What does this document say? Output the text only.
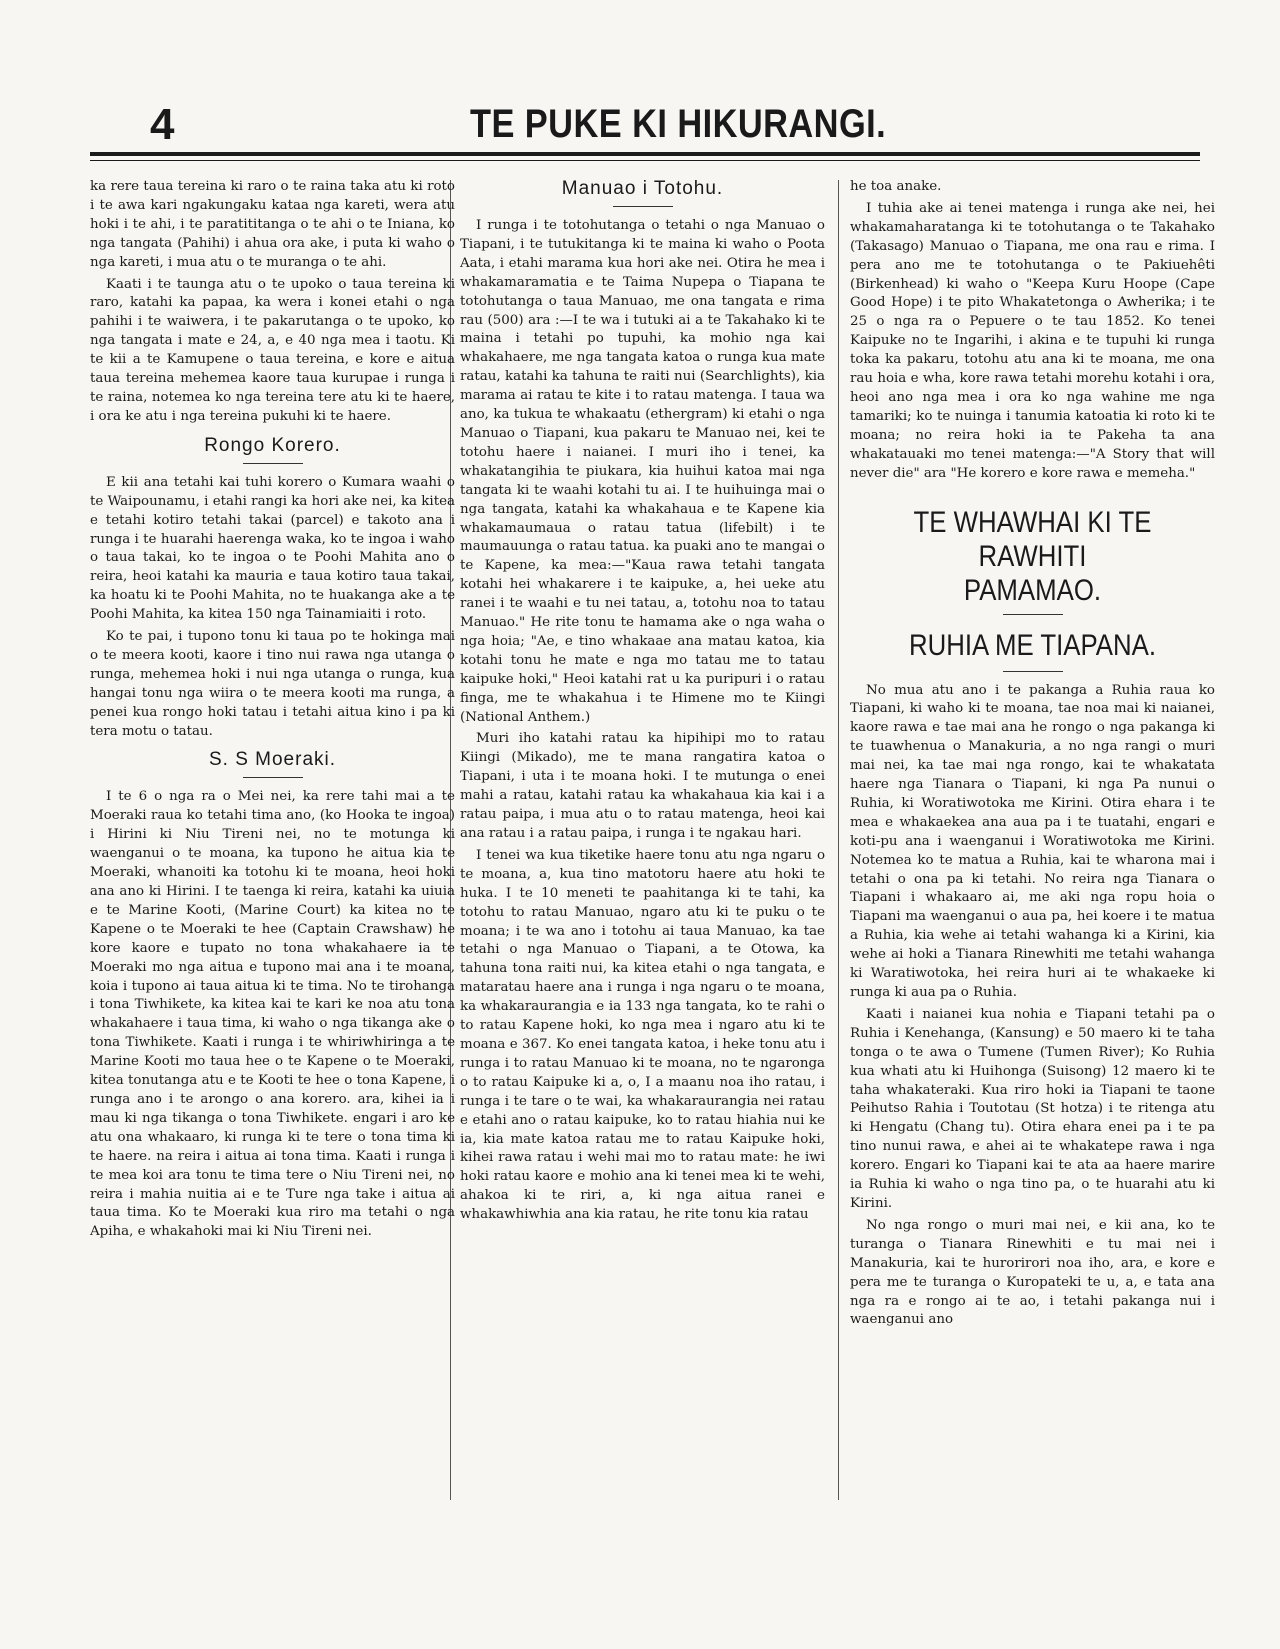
4	TE PUKE KI HIKURANGI.

ka rere taua tereina ki raro o te raina taka atu ki roto i te awa kari ngakungaku kataa nga kareti, wera atu hoki i te ahi, i te paratititanga o te ahi o te Iniana, ko nga tangata (Pahihi) i ahua ora ake, i puta ki waho o nga kareti, i mua atu o te muranga o te ahi.

Kaati i te taunga atu o te upoko o taua tereina ki raro, katahi ka papaa, ka wera i konei etahi o nga pahihi i te waiwera, i te pakarutanga o te upoko, ko nga tangata i mate e 24, a, e 40 nga mea i taotu. Ki te kii a te Kamupene o taua tereina, e kore e aitua taua tereina mehemea kaore taua kurupae i runga i te raina, notemea ko nga tereina tere atu ki te haere, i ora ke atu i nga tereina pukuhi ki te haere.

Rongo Korero.

E kii ana tetahi kai tuhi korero o Kumara waahi o te Waipounamu, i etahi rangi ka hori ake nei, ka kitea e tetahi kotiro tetahi takai (parcel) e takoto ana i runga i te huarahi haerenga waka, ko te ingoa i waho o taua takai, ko te ingoa o te Poohi Mahita ano o reira, heoi katahi ka mauria e taua kotiro taua takai, ka hoatu ki te Poohi Mahita, no te huakanga ake a te Poohi Mahita, ka kitea 150 nga Tainamiaiti i roto.

Ko te pai, i tupono tonu ki taua po te hokinga mai o te meera kooti, kaore i tino nui rawa nga utanga o runga, mehemea hoki i nui nga utanga o runga, kua hangai tonu nga wiira o te meera kooti ma runga, a penei kua rongo hoki tatau i tetahi aitua kino i pa ki tera motu o tatau.

S. S Moeraki.

I te 6 o nga ra o Mei nei, ka rere tahi mai a te Moeraki raua ko tetahi tima ano, (ko Hooka te ingoa) i Hirini ki Niu Tireni nei, no te motunga ki waenganui o te moana, ka tupono he aitua kia te Moeraki, whanoiti ka totohu ki te moana, heoi hoki ana ano ki Hirini. I te taenga ki reira, katahi ka uiuia e te Marine Kooti, (Marine Court) ka kitea no te Kapene o te Moeraki te hee (Captain Crawshaw) he kore kaore e tupato no tona whakahaere ia te Moeraki mo nga aitua e tupono mai ana i te moana, koia i tupono ai taua aitua ki te tima. No te tirohanga i tona Tiwhikete, ka kitea kai te kari ke noa atu tona whakahaere i taua tima, ki waho o nga tikanga ake o tona Tiwhikete. Kaati i runga i te whiriwhiringa a te Marine Kooti mo taua hee o te Kapene o te Moeraki, kitea tonutanga atu e te Kooti te hee o tona Kapene, i runga ano i te arongo o ana korero. ara, kihei ia i mau ki nga tikanga o tona Tiwhikete. engari i aro ke atu ona whakaaro, ki runga ki te tere o tona tima ki te haere. na reira i aitua ai tona tima. Kaati i runga i te mea koi ara tonu te tima tere o Niu Tireni nei, no reira i mahia nuitia ai e te Ture nga take i aitua ai taua tima. Ko te Moeraki kua riro ma tetahi o nga Apiha, e whakahoki mai ki Niu Tireni nei.

Manuao i Totohu.

I runga i te totohutanga o tetahi o nga Manuao o Tiapani, i te tutukitanga ki te maina ki waho o Poota Aata, i etahi marama kua hori ake nei. Otira he mea i whakamaramatia e te Taima Nupepa o Tiapana te totohutanga o taua Manuao, me ona tangata e rima rau (500) ara :—I te wa i tutuki ai a te Takahako ki te maina i tetahi po tupuhi, ka mohio nga kai whakahaere, me nga tangata katoa o runga kua mate ratau, katahi ka tahuna te raiti nui (Searchlights), kia marama ai ratau te kite i to ratau matenga. I taua wa ano, ka tukua te whakaatu (ethergram) ki etahi o nga Manuao o Tiapani, kua pakaru te Manuao nei, kei te totohu haere i naianei. I muri iho i tenei, ka whakatangihia te piukara, kia huihui katoa mai nga tangata ki te waahi kotahi tu ai. I te huihuinga mai o nga tangata, katahi ka whakahaua e te Kapene kia whakamaumaua o ratau tatua (lifebilt) i te maumauunga o ratau tatua. ka puaki ano te mangai o te Kapene, ka mea:—"Kaua rawa tetahi tangata kotahi hei whakarere i te kaipuke, a, hei ueke atu ranei i te waahi e tu nei tatau, a, totohu noa to tatau Manuao." He rite tonu te hamama ake o nga waha o nga hoia; "Ae, e tino whakaae ana matau katoa, kia kotahi tonu he mate e nga mo tatau me to tatau kaipuke hoki," Heoi katahi rat u ka puripuri i o ratau finga, me te whakahua i te Himene mo te Kiingi (National Anthem.)

Muri iho katahi ratau ka hipihipi mo to ratau Kiingi (Mikado), me te mana rangatira katoa o Tiapani, i uta i te moana hoki. I te mutunga o enei mahi a ratau, katahi ratau ka whakahaua kia kai i a ratau paipa, i mua atu o to ratau matenga, heoi kai ana ratau i a ratau paipa, i runga i te ngakau hari.

I tenei wa kua tiketike haere tonu atu nga ngaru o te moana, a, kua tino matotoru haere atu hoki te huka. I te 10 meneti te paahitanga ki te tahi, ka totohu to ratau Manuao, ngaro atu ki te puku o te moana; i te wa ano i totohu ai taua Manuao, ka tae tetahi o nga Manuao o Tiapani, a te Otowa, ka tahuna tona raiti nui, ka kitea etahi o nga tangata, e mataratau haere ana i runga i nga ngaru o te moana, ka whakaraurangia e ia 133 nga tangata, ko te rahi o to ratau Kapene hoki, ko nga mea i ngaro atu ki te moana e 367. Ko enei tangata katoa, i heke tonu atu i runga i to ratau Manuao ki te moana, no te ngaronga o to ratau Kaipuke ki a, o, I a maanu noa iho ratau, i runga i te tare o te wai, ka whakaraurangia nei ratau e etahi ano o ratau kaipuke, ko to ratau hiahia nui ke ia, kia mate katoa ratau me to ratau Kaipuke hoki, kihei rawa ratau i wehi mai mo to ratau mate: he iwi hoki ratau kaore e mohio ana ki tenei mea ki te wehi, ahakoa ki te riri, a, ki nga aitua ranei e whakawhiwhia ana kia ratau, he rite tonu kia ratau

he toa anake.

I tuhia ake ai tenei matenga i runga ake nei, hei whakamaharatanga ki te totohutanga o te Takahako (Takasago) Manuao o Tiapana, me ona rau e rima. I pera ano me te totohutanga o te Pakiuehêti (Birkenhead) ki waho o "Keepa Kuru Hoope (Cape Good Hope) i te pito Whakatetonga o Awherika; i te 25 o nga ra o Pepuere o te tau 1852. Ko tenei Kaipuke no te Ingarihi, i akina e te tupuhi ki runga toka ka pakaru, totohu atu ana ki te moana, me ona rau hoia e wha, kore rawa tetahi morehu kotahi i ora, heoi ano nga mea i ora ko nga wahine me nga tamariki; ko te nuinga i tanumia katoatia ki roto ki te moana; no reira hoki ia te Pakeha ta ana whakatauaki mo tenei matenga:—"A Story that will never die" ara "He korero e kore rawa e memeha."

TE WHAWHAI KI TE RAWHITI
PAMAMAO.
RUHIA ME TIAPANA.

No mua atu ano i te pakanga a Ruhia raua ko Tiapani, ki waho ki te moana, tae noa mai ki naianei, kaore rawa e tae mai ana he rongo o nga pakanga ki te tuawhenua o Manakuria, a no nga rangi o muri mai nei, ka tae mai nga rongo, kai te whakatata haere nga Tianara o Tiapani, ki nga Pa nunui o Ruhia, ki Woratiwotoka me Kirini. Otira ehara i te mea e whakaekea ana aua pa i te tuatahi, engari e koti-pu ana i waenganui i Woratiwotoka me Kirini. Notemea ko te matua a Ruhia, kai te wharona mai i tetahi o ona pa ki tetahi. No reira nga Tianara o Tiapani i whakaaro ai, me aki nga ropu hoia o Tiapani ma waenganui o aua pa, hei koere i te matua a Ruhia, kia wehe ai tetahi wahanga ki a Kirini, kia wehe ai hoki a Tianara Rinewhiti me tetahi wahanga ki Waratiwotoka, hei reira huri ai te whakaeke ki runga ki aua pa o Ruhia.

Kaati i naianei kua nohia e Tiapani tetahi pa o Ruhia i Kenehanga, (Kansung) e 50 maero ki te taha tonga o te awa o Tumene (Tumen River); Ko Ruhia kua whati atu ki Huihonga (Suisong) 12 maero ki te taha whakateraki. Kua riro hoki ia Tiapani te taone Peihutso Rahia i Toutotau (St hotza) i te ritenga atu ki Hengatu (Chang tu). Otira ehara enei pa i te pa tino nunui rawa, e ahei ai te whakatepe rawa i nga korero. Engari ko Tiapani kai te ata aa haere marire ia Ruhia ki waho o nga tino pa, o te huarahi atu ki Kirini.

No nga rongo o muri mai nei, e kii ana, ko te turanga o Tianara Rinewhiti e tu mai nei i Manakuria, kai te hurorirori noa iho, ara, e kore e pera me te turanga o Kuropateki te u, a, e tata ana nga ra e rongo ai te ao, i tetahi pakanga nui i waenganui ano
